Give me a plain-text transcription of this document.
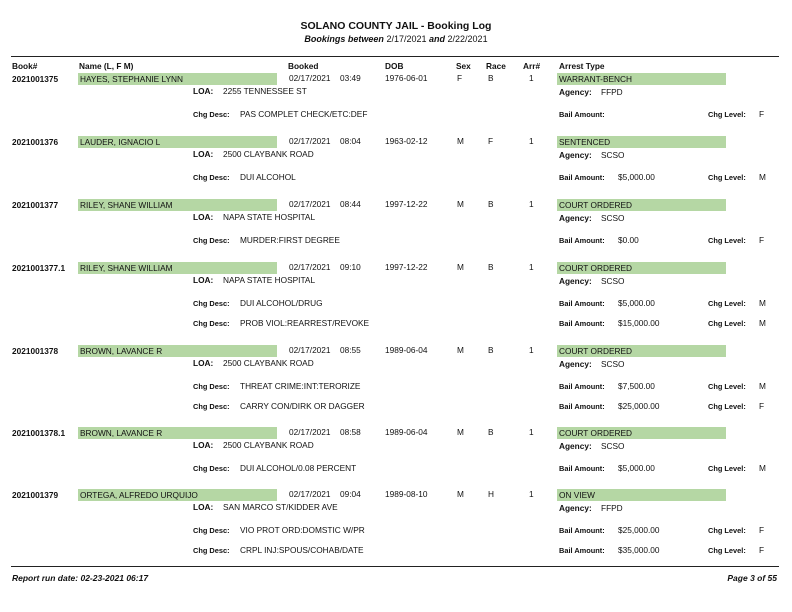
SOLANO COUNTY JAIL - Booking Log
Bookings between 2/17/2021 and 2/22/2021
Book#	Name (L, F M)	Booked	DOB	Sex Race Arr# Arrest Type
2021001375	HAYES, STEPHANIE LYNN	02/17/2021 03:49	1976-06-01	F	B	1	WARRANT-BENCH
LOA: 2255 TENNESSEE ST	Agency: FFPD
Chg Desc: PAS COMPLET CHECK/ETC:DEF	Bail Amount:	Chg Level: F
2021001376	LAUDER, IGNACIO L	02/17/2021 08:04	1963-02-12	M	F	1	SENTENCED
LOA: 2500 CLAYBANK ROAD	Agency: SCSO
Chg Desc: DUI ALCOHOL	Bail Amount: $5,000.00	Chg Level: M
2021001377	RILEY, SHANE WILLIAM	02/17/2021 08:44	1997-12-22	M	B	1	COURT ORDERED
LOA: NAPA STATE HOSPITAL	Agency: SCSO
Chg Desc: MURDER:FIRST DEGREE	Bail Amount: $0.00	Chg Level: F
2021001377.1 RILEY, SHANE WILLIAM	02/17/2021 09:10	1997-12-22	M	B	1	COURT ORDERED
LOA: NAPA STATE HOSPITAL	Agency: SCSO
Chg Desc: DUI ALCOHOL/DRUG	Bail Amount: $5,000.00	Chg Level: M
Chg Desc: PROB VIOL:REARREST/REVOKE	Bail Amount: $15,000.00	Chg Level: M
2021001378	BROWN, LAVANCE R	02/17/2021 08:55	1989-06-04	M	B	1	COURT ORDERED
LOA: 2500 CLAYBANK ROAD	Agency: SCSO
Chg Desc: THREAT CRIME:INT:TERORIZE	Bail Amount: $7,500.00	Chg Level: M
Chg Desc: CARRY CON/DIRK OR DAGGER	Bail Amount: $25,000.00	Chg Level: F
2021001378.1 BROWN, LAVANCE R	02/17/2021 08:58	1989-06-04	M	B	1	COURT ORDERED
LOA: 2500 CLAYBANK ROAD	Agency: SCSO
Chg Desc: DUI ALCOHOL/0.08 PERCENT	Bail Amount: $5,000.00	Chg Level: M
2021001379	ORTEGA, ALFREDO URQUIJO	02/17/2021 09:04	1989-08-10	M	H	1	ON VIEW
LOA: SAN MARCO ST/KIDDER AVE	Agency: FFPD
Chg Desc: VIO PROT ORD:DOMSTIC W/PR	Bail Amount: $25,000.00	Chg Level: F
Chg Desc: CRPL INJ:SPOUS/COHAB/DATE	Bail Amount: $35,000.00	Chg Level: F
Report run date: 02-23-2021 06:17	Page 3 of 55
